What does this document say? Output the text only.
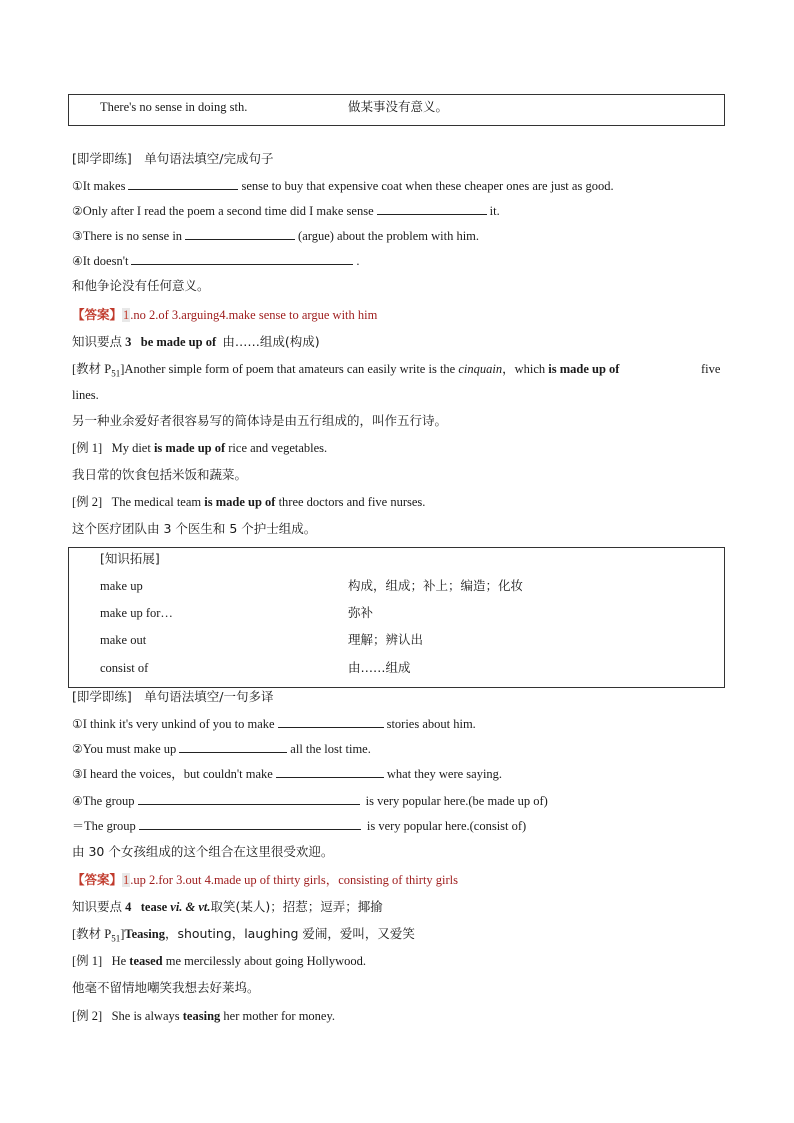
There's no sense in doing sth.	做某事没有意义。
[即学即练]　单句语法填空/完成句子
①It makes	sense to buy that expensive coat when these cheaper ones are just as good.
②Only after I read the poem a second time did I make sense	it.
③There is no sense in	(argue) about the problem with him.
④It doesn't	.
和他争论没有任何意义。
【答案】1.no 2.of 3.arguing4.make sense to argue with him
知识要点 3 be made up of 由……组成(构成)
[教材 $P_{51}]Another$ simple form of poem that amateurs can easily write is the cinquain，which is made up of	five
lines.
另一种业余爱好者很容易写的简体诗是由五行组成的，叫作五行诗。
[例 1] My diet is made up of rice and vegetables.
我日常的饮食包括米饭和蔬菜。
[例 2] The medical team is made up of three doctors and five nurses.
这个医疗团队由 3 个医生和 5 个护士组成。
[知识拓展]
make up	构成，组成；补上；编造；化妆
make up for…	弥补
make out	理解；辨认出
consist of	由……组成
[即学即练]　单句语法填空/一句多译
①I think it's very unkind of you to make	stories about him.
②You must make up	all the lost time.
③I heard the voices，but couldn't make	what they were saying.
④The group	is very popular here.(be made up of)
＝The group	is very popular here.(consist of)
由 30 个女孩组成的这个组合在这里很受欢迎。
【答案】1.up 2.for 3.out 4.made up of thirty girls，consisting of thirty girls
知识要点 4 tease vi. & vt.取笑(某人)；招惹；逗弄；揶揄
[教材 $P_{51}]Teasing$，shouting，laughing 爱闹，爱叫，又爱笑
[例 1] He teased me mercilessly about going Hollywood.
他毫不留情地嘲笑我想去好莱坞。
[例 2] She is always teasing her mother for money.
